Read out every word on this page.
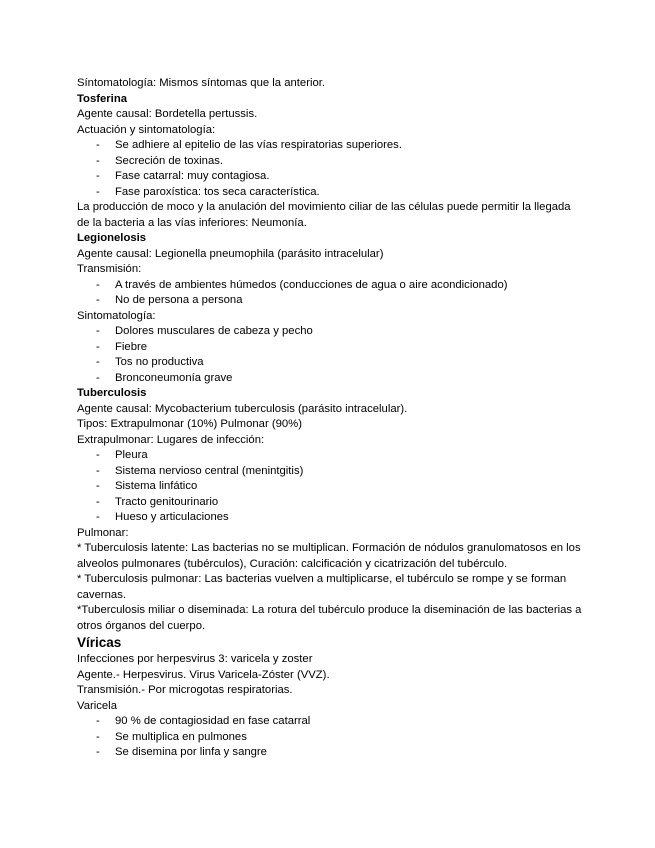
Síntomatología: Mismos síntomas que la anterior.
Tosferina
Agente causal: Bordetella pertussis.
Actuación y sintomatología:
- Se adhiere al epitelio de las vías respiratorias superiores.
- Secreción de toxinas.
- Fase catarral: muy contagiosa.
- Fase paroxística: tos seca característica.
La producción de moco y la anulación del movimiento ciliar de las células puede permitir la llegada de la bacteria a las vías inferiores: Neumonía.
Legionelosis
Agente causal: Legionella pneumophila (parásito intracelular)
Transmisión:
- A través de ambientes húmedos (conducciones de agua o aire acondicionado)
- No de persona a persona
Sintomatología:
- Dolores musculares de cabeza y pecho
- Fiebre
- Tos no productiva
- Bronconeumonía grave
Tuberculosis
Agente causal: Mycobacterium tuberculosis (parásito intracelular).
Tipos: Extrapulmonar (10%) Pulmonar (90%)
Extrapulmonar: Lugares de infección:
- Pleura
- Sistema nervioso central (menintgitis)
- Sistema linfático
- Tracto genitourinario
- Hueso y articulaciones
Pulmonar:
* Tuberculosis latente: Las bacterias no se multiplican. Formación de nódulos granulomatosos en los alveolos pulmonares (tubérculos), Curación: calcificación y cicatrización del tubérculo.
* Tuberculosis pulmonar: Las bacterias vuelven a multiplicarse, el tubérculo se rompe y se forman cavernas.
*Tuberculosis miliar o diseminada: La rotura del tubérculo produce la diseminación de las bacterias a otros órganos del cuerpo.
Víricas
Infecciones por herpesvirus 3: varicela y zoster
Agente.- Herpesvirus. Virus Varicela-Zóster (VVZ).
Transmisión.- Por microgotas respiratorias.
Varicela
- 90 % de contagiosidad en fase catarral
- Se multiplica en pulmones
- Se disemina por linfa y sangre
